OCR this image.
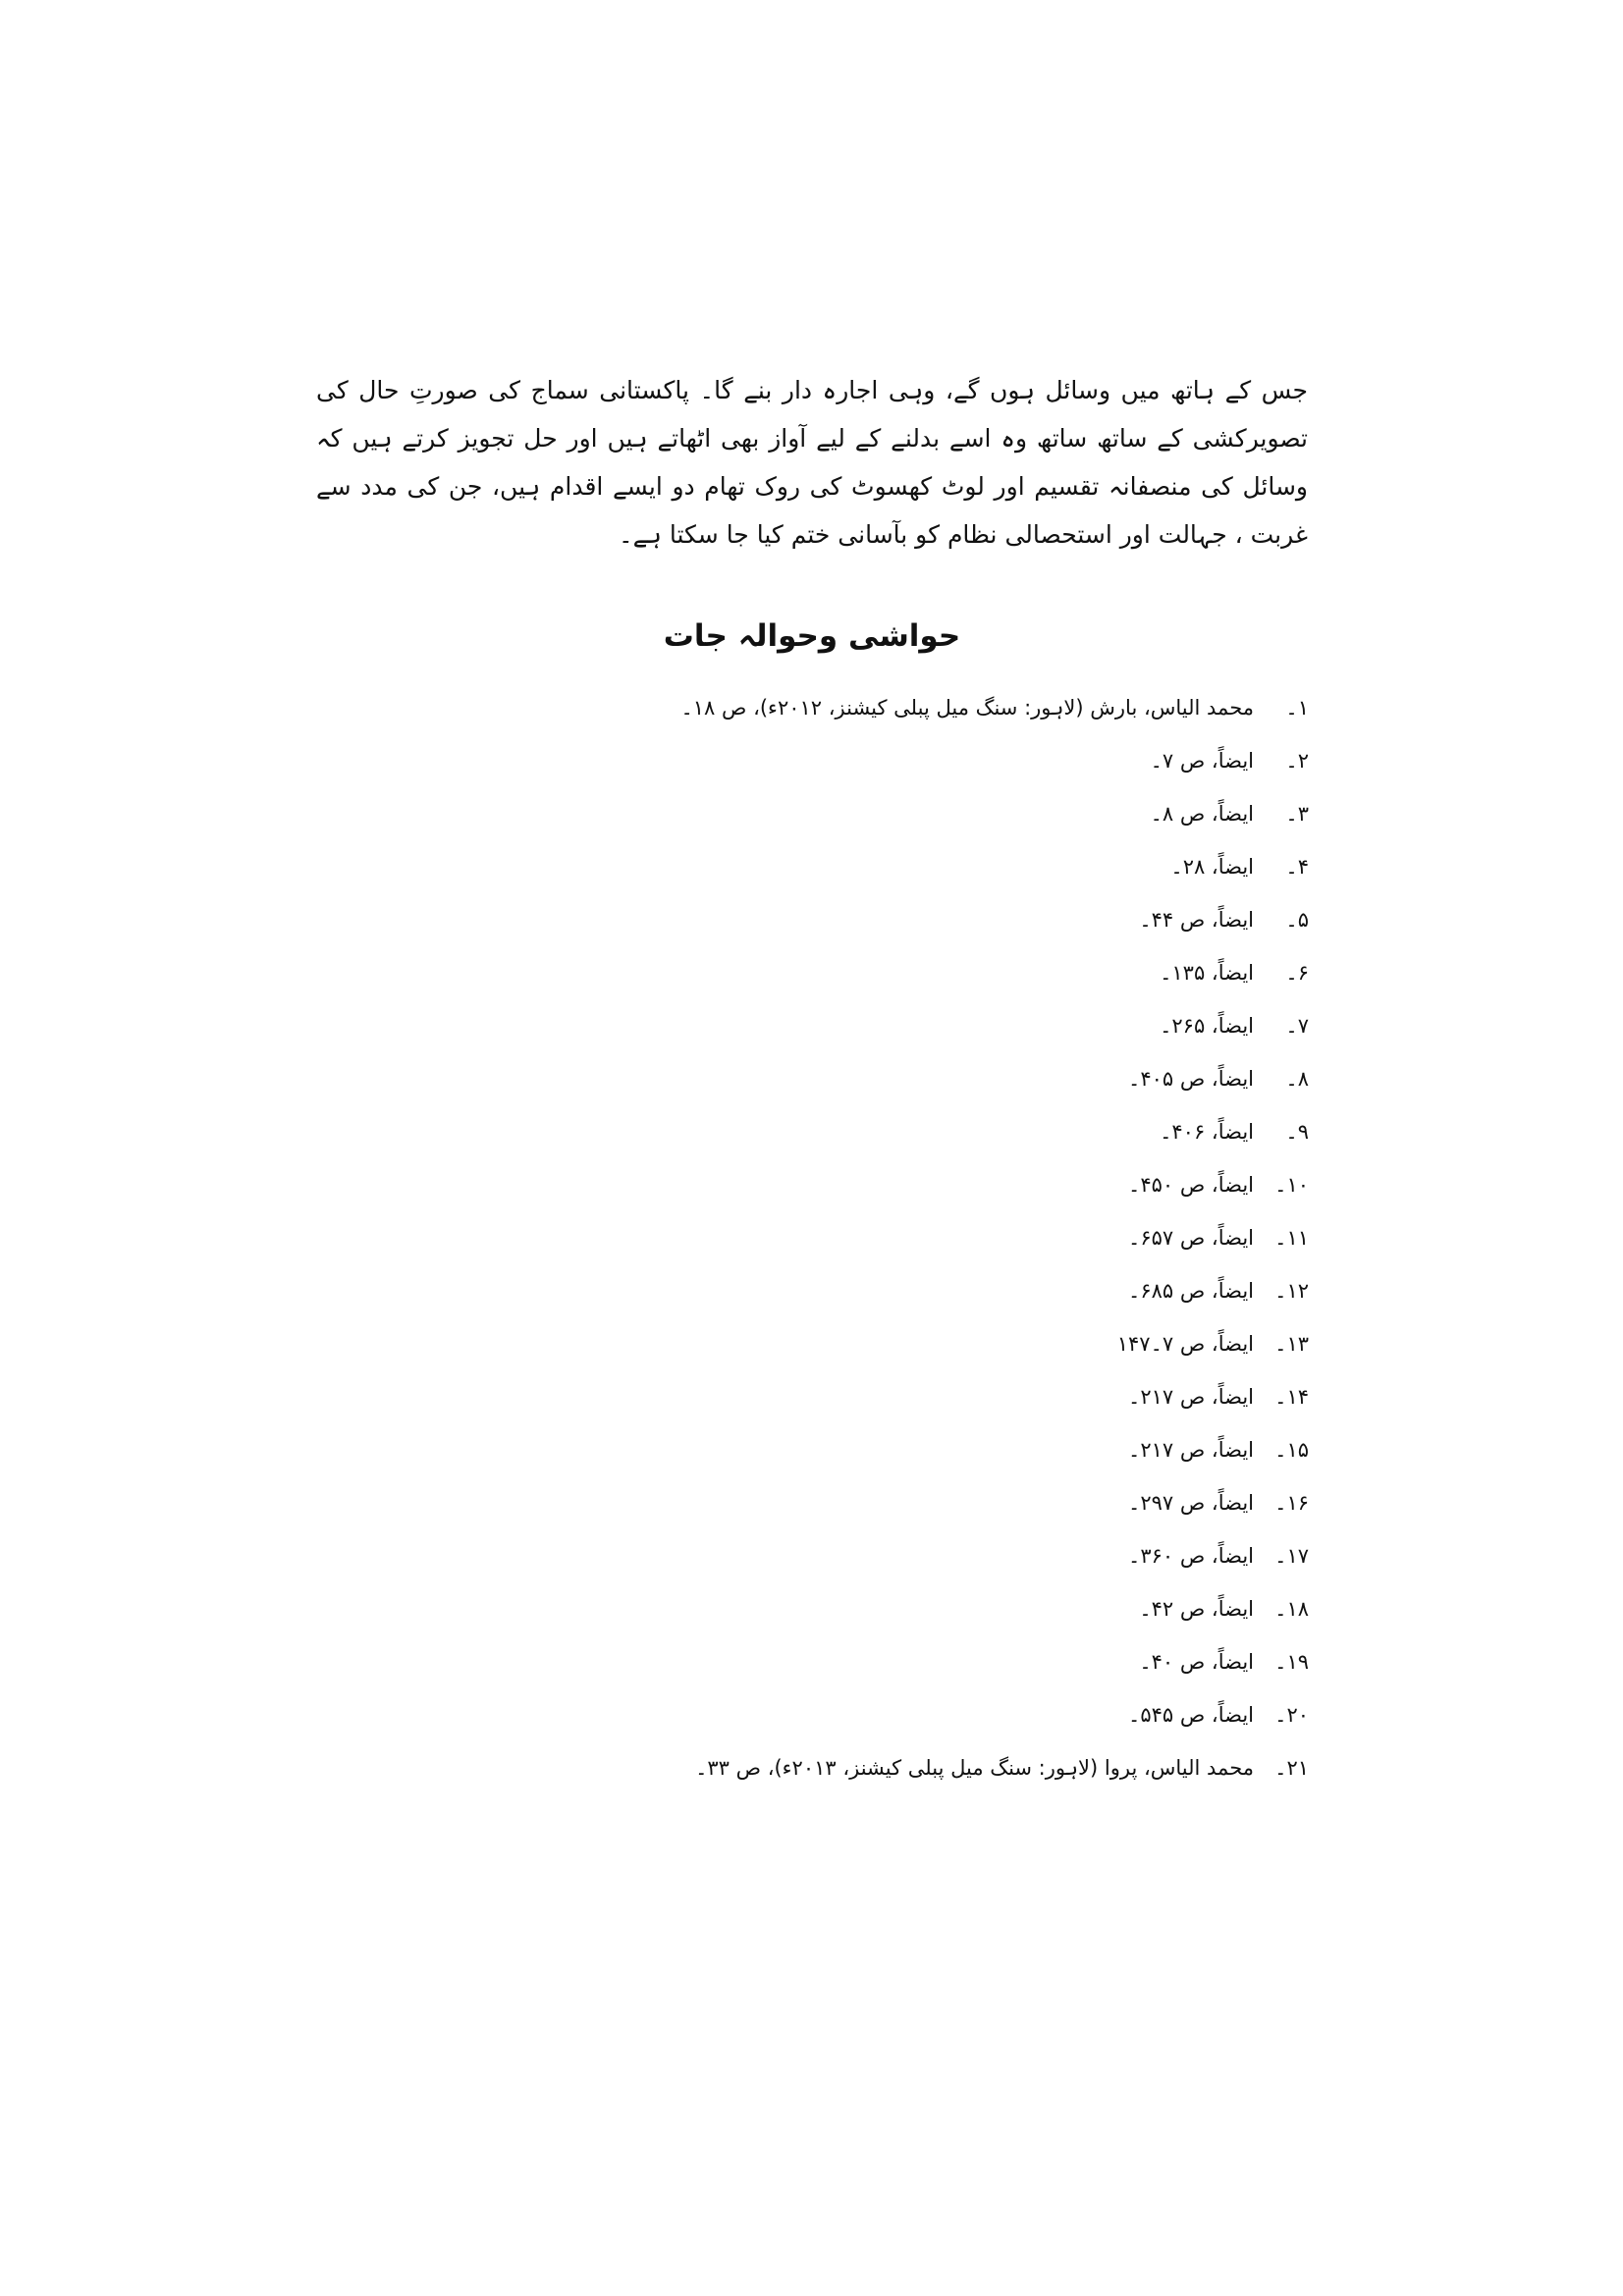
جس کے ہاتھ میں وسائل ہوں گے، وہی اجارہ دار بنے گا۔ پاکستانی سماج کی صورتِ حال کی تصویرکشی کے ساتھ ساتھ وہ اسے بدلنے کے لیے آواز بھی اٹھاتے ہیں اور حل تجویز کرتے ہیں کہ وسائل کی منصفانہ تقسیم اور لوٹ کھسوٹ کی روک تھام دو ایسے اقدام ہیں، جن کی مدد سے غربت ، جہالت اور استحصالی نظام کو بآسانی ختم کیا جا سکتا ہے۔

حواشی وحوالہ جات
۱۔
محمد الیاس، بارش (لاہور: سنگ میل پبلی کیشنز، ۲۰۱۲ء)، ص ۱۸۔
۲۔
ایضاً، ص ۷۔
۳۔
ایضاً، ص ۸۔
۴۔
ایضاً، ۲۸۔
۵۔
ایضاً، ص ۴۴۔
۶۔
ایضاً، ۱۳۵۔
۷۔
ایضاً، ۲۶۵۔
۸۔
ایضاً، ص ۴۰۵۔
۹۔
ایضاً، ۴۰۶۔
۱۰۔
ایضاً، ص ۴۵۰۔
۱۱۔
ایضاً، ص ۶۵۷۔
۱۲۔
ایضاً، ص ۶۸۵۔
۱۳۔
ایضاً، ص ۷۔۱۴۷
۱۴۔
ایضاً، ص ۲۱۷۔
۱۵۔
ایضاً، ص ۲۱۷۔
۱۶۔
ایضاً، ص ۲۹۷۔
۱۷۔
ایضاً، ص ۳۶۰۔
۱۸۔
ایضاً، ص ۴۲۔
۱۹۔
ایضاً، ص ۴۰۔
۲۰۔
ایضاً، ص ۵۴۵۔
۲۱۔
محمد الیاس، پروا (لاہور: سنگ میل پبلی کیشنز، ۲۰۱۳ء)، ص ۳۳۔
